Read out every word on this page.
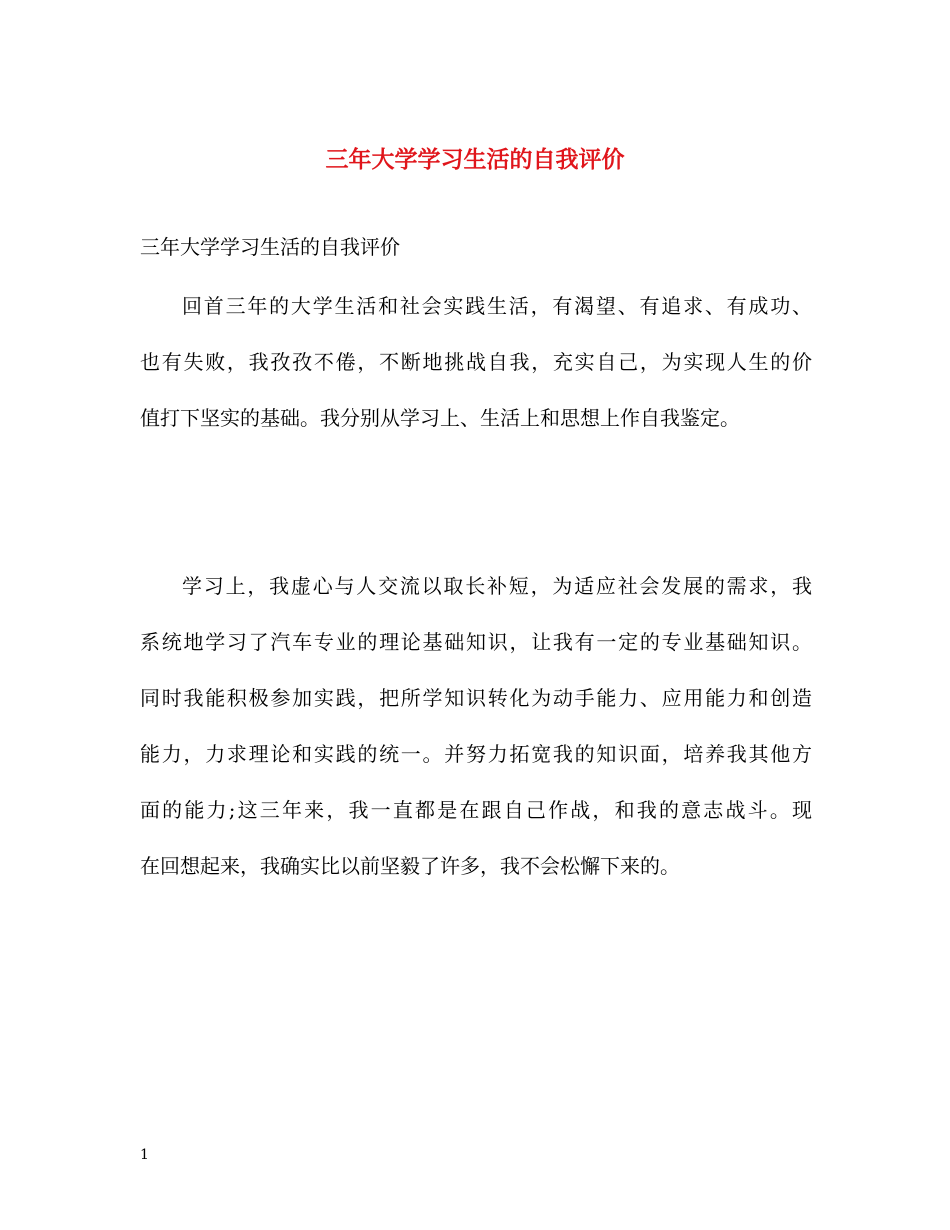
三年大学学习生活的自我评价

三年大学学习生活的自我评价

回首三年的大学生活和社会实践生活，有渴望、有追求、有成功、
也有失败，我孜孜不倦，不断地挑战自我，充实自己，为实现人生的价
值打下坚实的基础。我分别从学习上、生活上和思想上作自我鉴定。
学习上，我虚心与人交流以取长补短，为适应社会发展的需求，我
系统地学习了汽车专业的理论基础知识，让我有一定的专业基础知识。
同时我能积极参加实践，把所学知识转化为动手能力、应用能力和创造
能力，力求理论和实践的统一。并努力拓宽我的知识面，培养我其他方
面的能力;这三年来，我一直都是在跟自己作战，和我的意志战斗。现
在回想起来，我确实比以前坚毅了许多，我不会松懈下来的。

1
